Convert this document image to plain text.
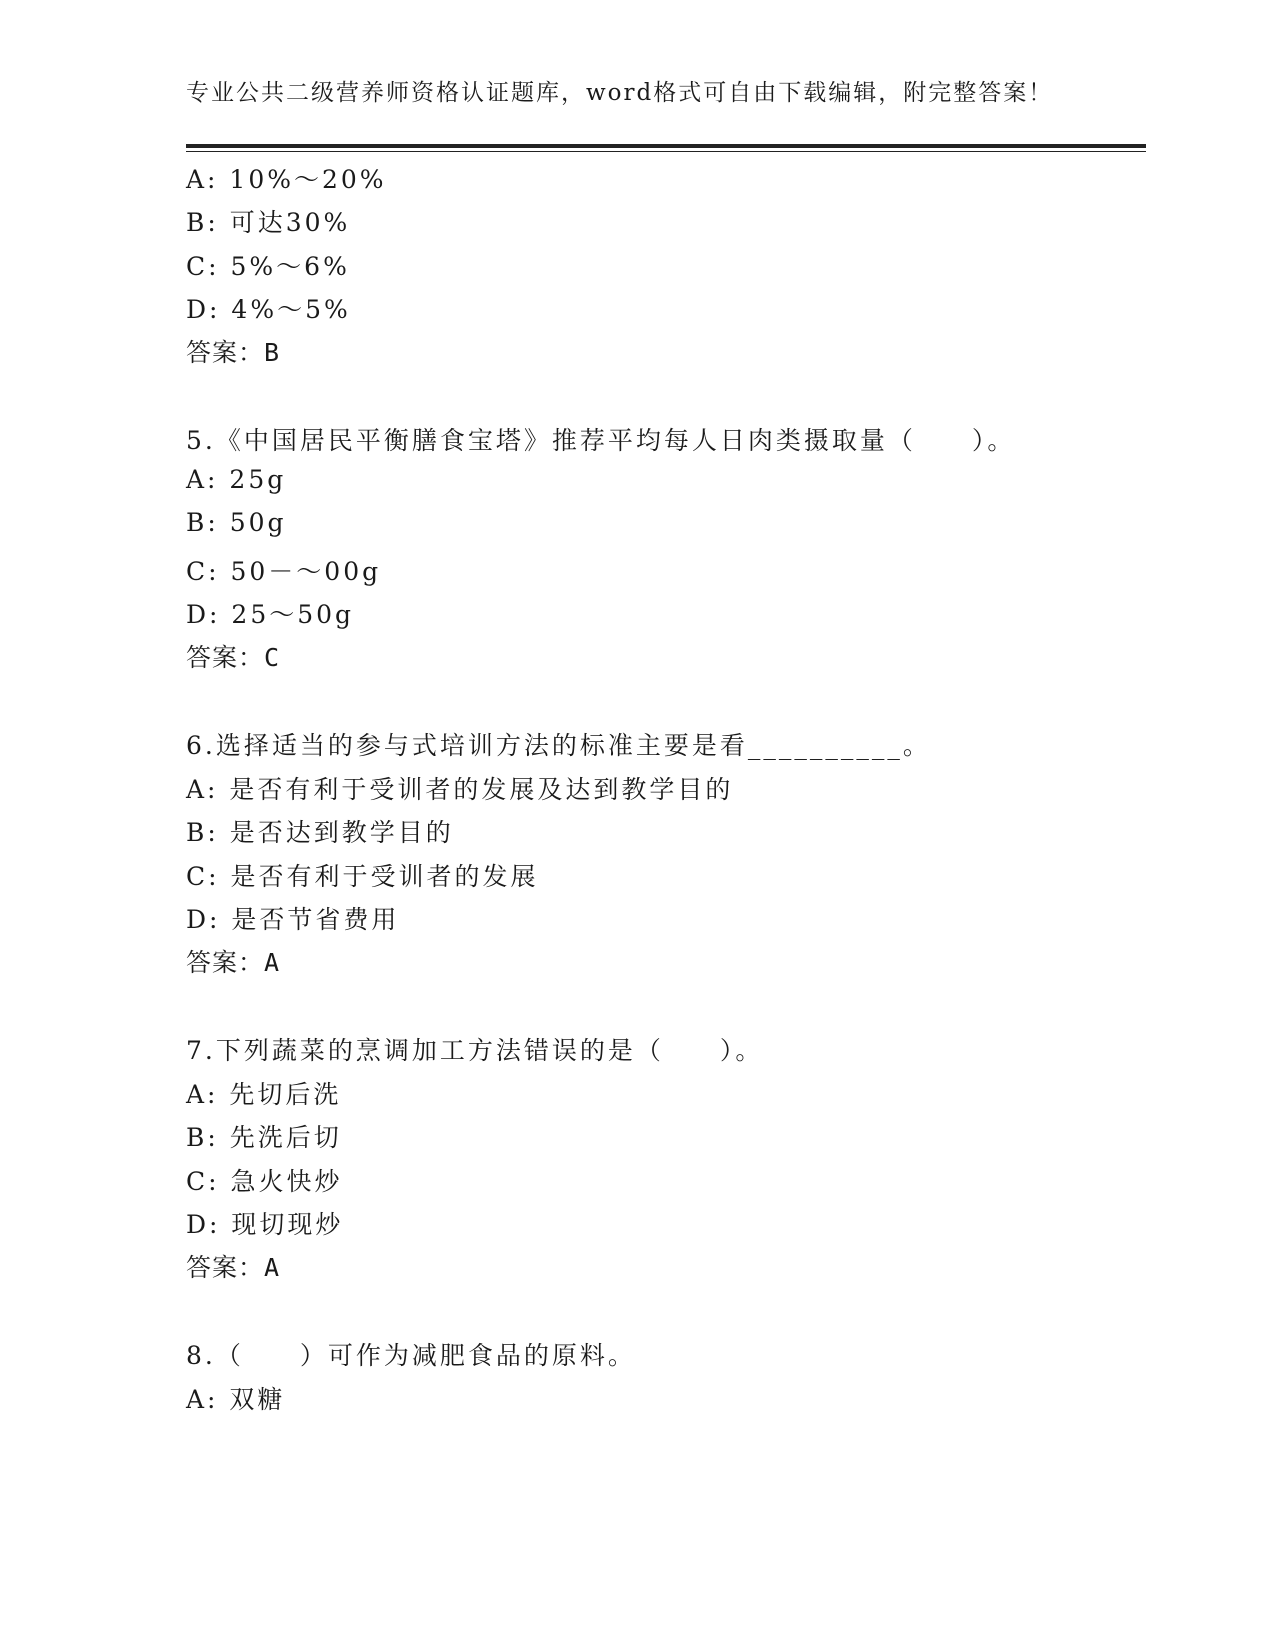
专业公共二级营养师资格认证题库，word格式可自由下载编辑，附完整答案！
A: 10%～20%
B: 可达30%
C: 5%～6%
D: 4%～5%
答案：B
5.《中国居民平衡膳食宝塔》推荐平均每人日肉类摄取量（　　）。
A: 25g
B: 50g
C: 50－～00g
D: 25～50g
答案：C
6.选择适当的参与式培训方法的标准主要是看__________。
A: 是否有利于受训者的发展及达到教学目的
B: 是否达到教学目的
C: 是否有利于受训者的发展
D: 是否节省费用
答案：A
7.下列蔬菜的烹调加工方法错误的是（　　）。
A: 先切后洗
B: 先洗后切
C: 急火快炒
D: 现切现炒
答案：A
8.（　　）可作为减肥食品的原料。
A: 双糖
